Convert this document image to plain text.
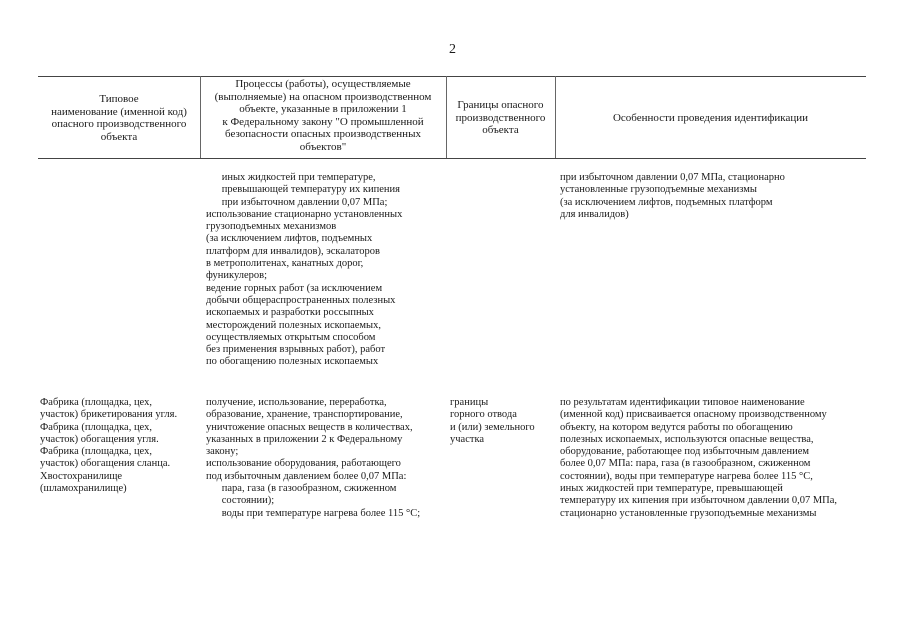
2
Типовое
наименование (именной код)
опасного производственного
объекта
Процессы (работы), осуществляемые
(выполняемые) на опасном производственном
объекте, указанные в приложении 1
к Федеральному закону "О промышленной
безопасности опасных производственных
объектов"
Границы опасного
производственного
объекта
Особенности проведения идентификации
иных жидкостей при температуре,
превышающей температуру их кипения
при избыточном давлении 0,07 МПа;
использование стационарно установленных
грузоподъемных механизмов
(за исключением лифтов, подъемных
платформ для инвалидов), эскалаторов
в метрополитенах, канатных дорог,
фуникулеров;
ведение горных работ (за исключением
добычи общераспространенных полезных
ископаемых и разработки россыпных
месторождений полезных ископаемых,
осуществляемых открытым способом
без применения взрывных работ), работ
по обогащению полезных ископаемых
при избыточном давлении 0,07 МПа, стационарно
установленные грузоподъемные механизмы
(за исключением лифтов, подъемных платформ
для инвалидов)
Фабрика (площадка, цех,
участок) брикетирования угля.
Фабрика (площадка, цех,
участок) обогащения угля.
Фабрика (площадка, цех,
участок) обогащения сланца.
Хвостохранилище
(шламохранилище)
получение, использование, переработка,
образование, хранение, транспортирование,
уничтожение опасных веществ в количествах,
указанных в приложении 2 к Федеральному
закону;
использование оборудования, работающего
под избыточным давлением более 0,07 МПа:
пара, газа (в газообразном, сжиженном
состоянии);
воды при температуре нагрева более 115 °С;
границы
горного отвода
и (или) земельного
участка
по результатам идентификации типовое наименование
(именной код) присваивается опасному производственному
объекту, на котором ведутся работы по обогащению
полезных ископаемых, используются опасные вещества,
оборудование, работающее под избыточным давлением
более 0,07 МПа: пара, газа (в газообразном, сжиженном
состоянии), воды при температуре нагрева более 115 °С,
иных жидкостей при температуре, превышающей
температуру их кипения при избыточном давлении 0,07 МПа,
стационарно установленные грузоподъемные механизмы
